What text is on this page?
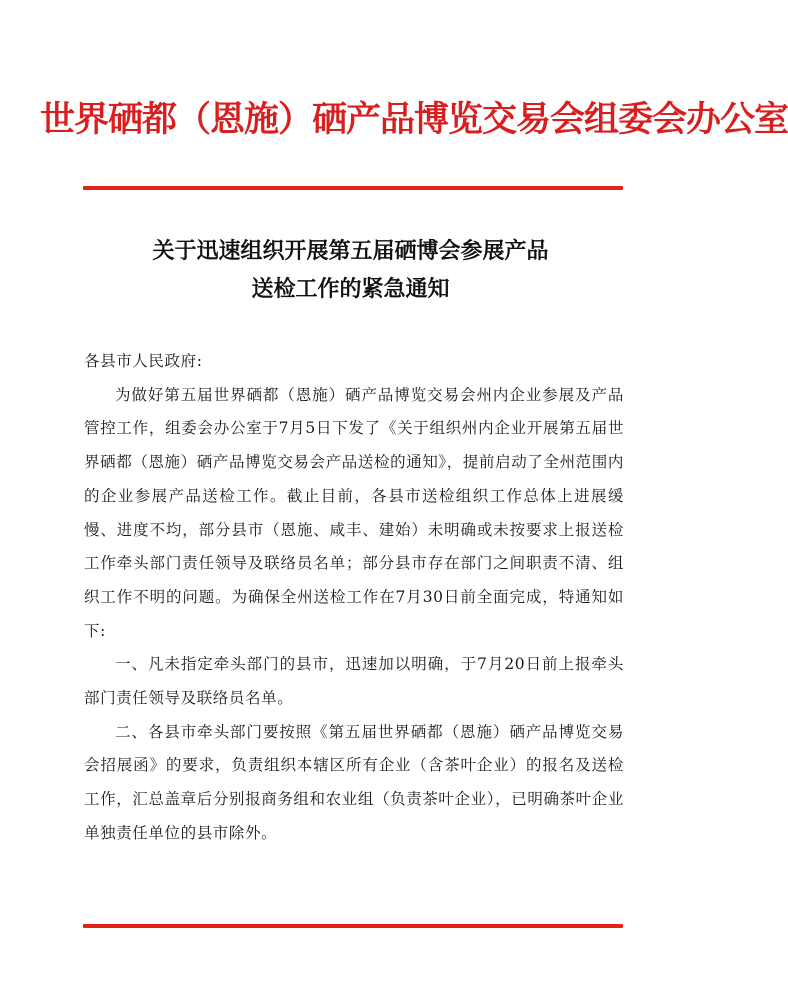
世界硒都（恩施）硒产品博览交易会组委会办公室
关于迅速组织开展第五届硒博会参展产品
送检工作的紧急通知

各县市人民政府:

为做好第五届世界硒都（恩施）硒产品博览交易会州内企业参展及产品管控工作，组委会办公室于7月5日下发了《关于组织州内企业开展第五届世界硒都（恩施）硒产品博览交易会产品送检的通知》，提前启动了全州范围内的企业参展产品送检工作。截止目前，各县市送检组织工作总体上进展缓慢、进度不均，部分县市（恩施、咸丰、建始）未明确或未按要求上报送检工作牵头部门责任领导及联络员名单；部分县市存在部门之间职责不清、组织工作不明的问题。为确保全州送检工作在7月30日前全面完成，特通知如下:

一、凡未指定牵头部门的县市，迅速加以明确，于7月20日前上报牵头部门责任领导及联络员名单。

二、各县市牵头部门要按照《第五届世界硒都（恩施）硒产品博览交易会招展函》的要求，负责组织本辖区所有企业（含茶叶企业）的报名及送检工作，汇总盖章后分别报商务组和农业组（负责茶叶企业），已明确茶叶企业单独责任单位的县市除外。
